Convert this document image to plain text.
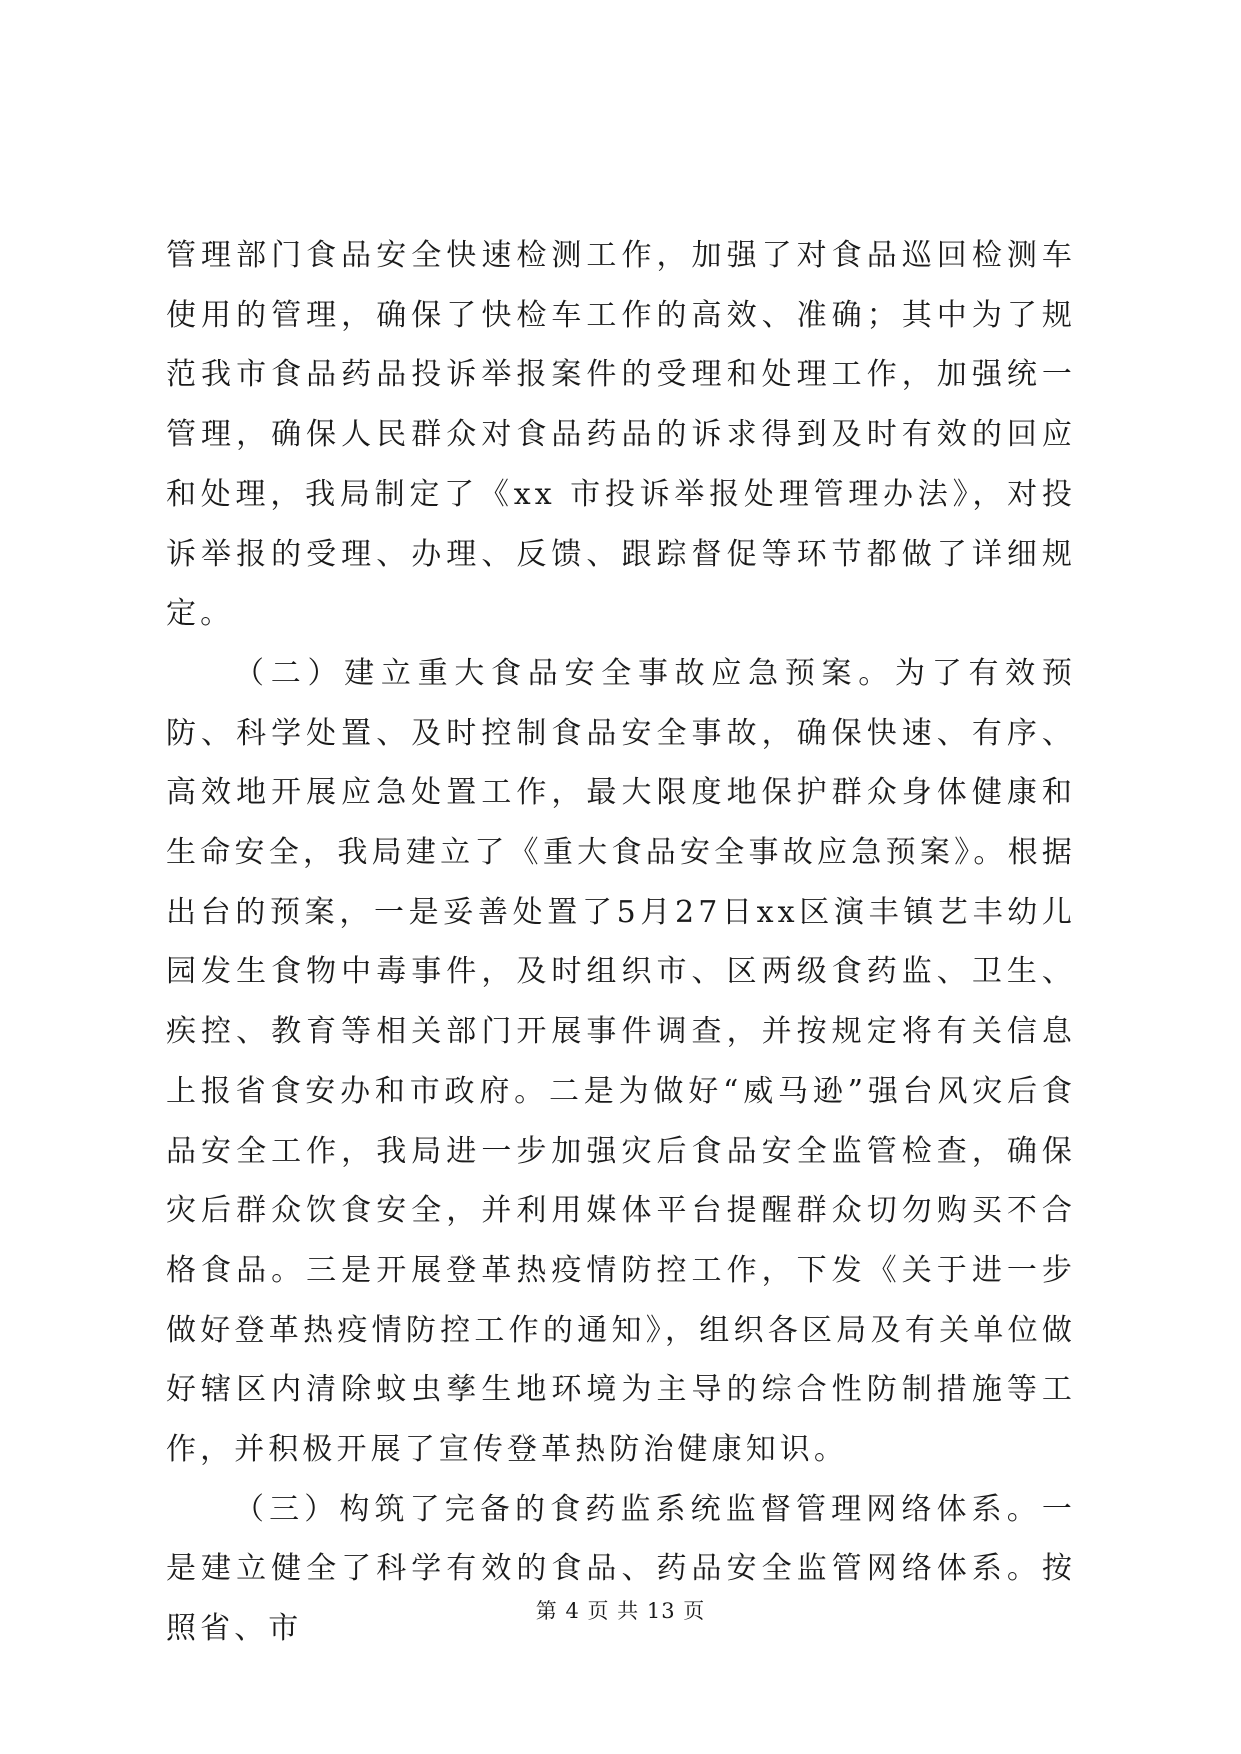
管理部门食品安全快速检测工作，加强了对食品巡回检测车使用的管理，确保了快检车工作的高效、准确；其中为了规范我市食品药品投诉举报案件的受理和处理工作，加强统一管理，确保人民群众对食品药品的诉求得到及时有效的回应和处理，我局制定了《xx 市投诉举报处理管理办法》，对投诉举报的受理、办理、反馈、跟踪督促等环节都做了详细规定。

（二）建立重大食品安全事故应急预案。为了有效预防、科学处置、及时控制食品安全事故，确保快速、有序、高效地开展应急处置工作，最大限度地保护群众身体健康和生命安全，我局建立了《重大食品安全事故应急预案》。根据出台的预案，一是妥善处置了5月27日xx区演丰镇艺丰幼儿园发生食物中毒事件，及时组织市、区两级食药监、卫生、疾控、教育等相关部门开展事件调查，并按规定将有关信息上报省食安办和市政府。二是为做好“威马逊”强台风灾后食品安全工作，我局进一步加强灾后食品安全监管检查，确保灾后群众饮食安全，并利用媒体平台提醒群众切勿购买不合格食品。三是开展登革热疫情防控工作，下发《关于进一步做好登革热疫情防控工作的通知》，组织各区局及有关单位做好辖区内清除蚊虫孳生地环境为主导的综合性防制措施等工作，并积极开展了宣传登革热防治健康知识。

（三）构筑了完备的食药监系统监督管理网络体系。一是建立健全了科学有效的食品、药品安全监管网络体系。按照省、市

第 4 页 共 13 页
